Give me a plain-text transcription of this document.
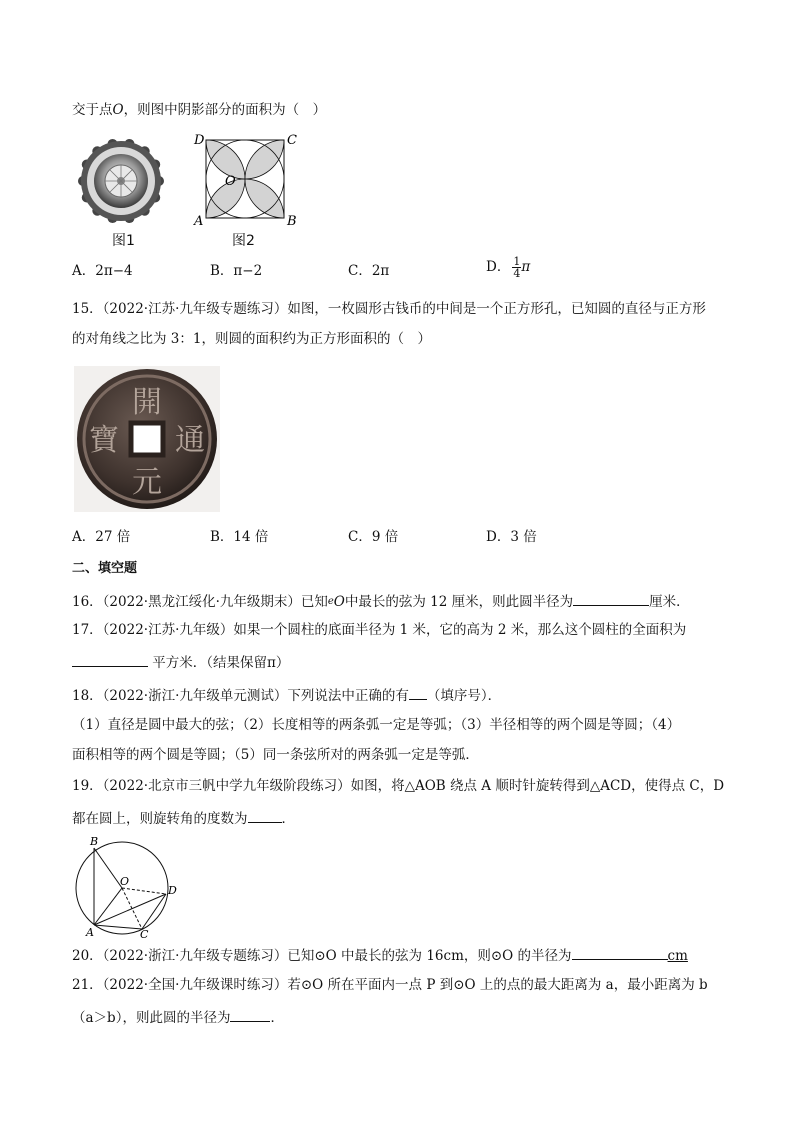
交于点O，则图中阴影部分的面积为（　）
图1
D	C
A	B
O
图2
A．2π−4	B．π−2	C．2π	D． $\frac{1}{4}$ π
15．（2022·江苏·九年级专题练习）如图，一枚圆形古钱币的中间是一个正方形孔，已知圆的直径与正方形
的对角线之比为 3：1，则圆的面积约为正方形面积的（　）
開
寶 通
元
A．27 倍	B．14 倍	C．9 倍	D．3 倍
二、填空题
16．（2022·黑龙江绥化·九年级期末）已知eO中最长的弦为 12 厘米，则此圆半径为	厘米．
17．（2022·江苏·九年级）如果一个圆柱的底面半径为 1 米，它的高为 2 米，那么这个圆柱的全面积为
平方米．（结果保留π）
18．（2022·浙江·九年级单元测试）下列说法中正确的有 （填序号）．
（1）直径是圆中最大的弦；（2）长度相等的两条弧一定是等弧；（3）半径相等的两个圆是等圆；（4）
面积相等的两个圆是等圆；（5）同一条弦所对的两条弧一定是等弧．
19．（2022·北京市三帆中学九年级阶段练习）如图，将△AOB 绕点 A 顺时针旋转得到△ACD，使得点 C，D
都在圆上，则旋转角的度数为	．
B
O
D
A	C
20．（2022·浙江·九年级专题练习）已知⊙O 中最长的弦为 16cm，则⊙O 的半径为	cm
21．（2022·全国·九年级课时练习）若⊙O 所在平面内一点 P 到⊙O 上的点的最大距离为 a，最小距离为 b
（a＞b），则此圆的半径为	．
